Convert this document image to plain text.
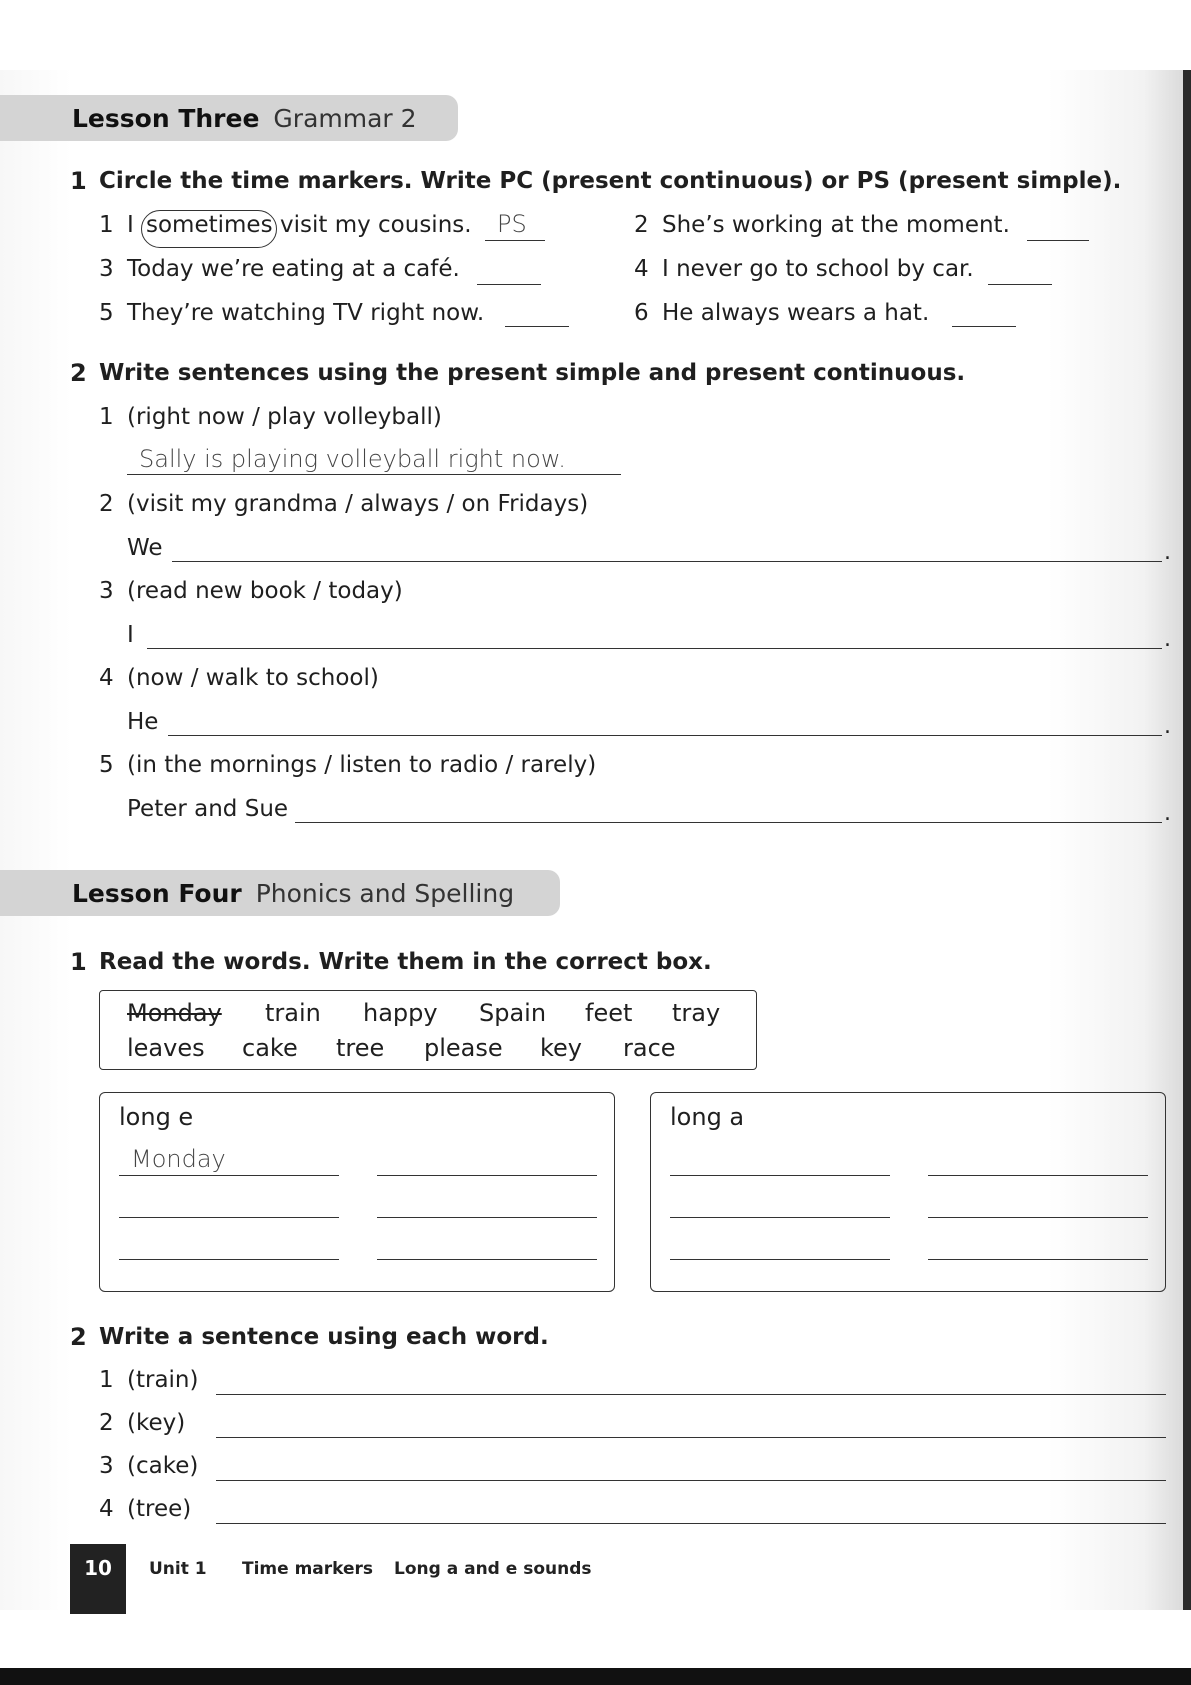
Lesson Three Grammar 2
1 Circle the time markers. Write PC (present continuous) or PS (present simple).
1 I sometimes visit my cousins. PS	2 She’s working at the moment.
3 Today we’re eating at a café.	4 I never go to school by car.
5 They’re watching TV right now.	6 He always wears a hat.
2 Write sentences using the present simple and present continuous.
1 (right now / play volleyball)
Sally is playing volleyball right now.
2 (visit my grandma / always / on Fridays)
We	.
3 (read new book / today)
I	.
4 (now / walk to school)
He	.
5 (in the mornings / listen to radio / rarely)
Peter and Sue	.
Lesson Four Phonics and Spelling
1 Read the words. Write them in the correct box.
Monday train happy Spain feet tray
leaves cake tree please key race
long e
Monday
long a
2 Write a sentence using each word.
1 (train)
2 (key)
3 (cake)
4 (tree)
10	Unit 1 Time markers Long a and e sounds
